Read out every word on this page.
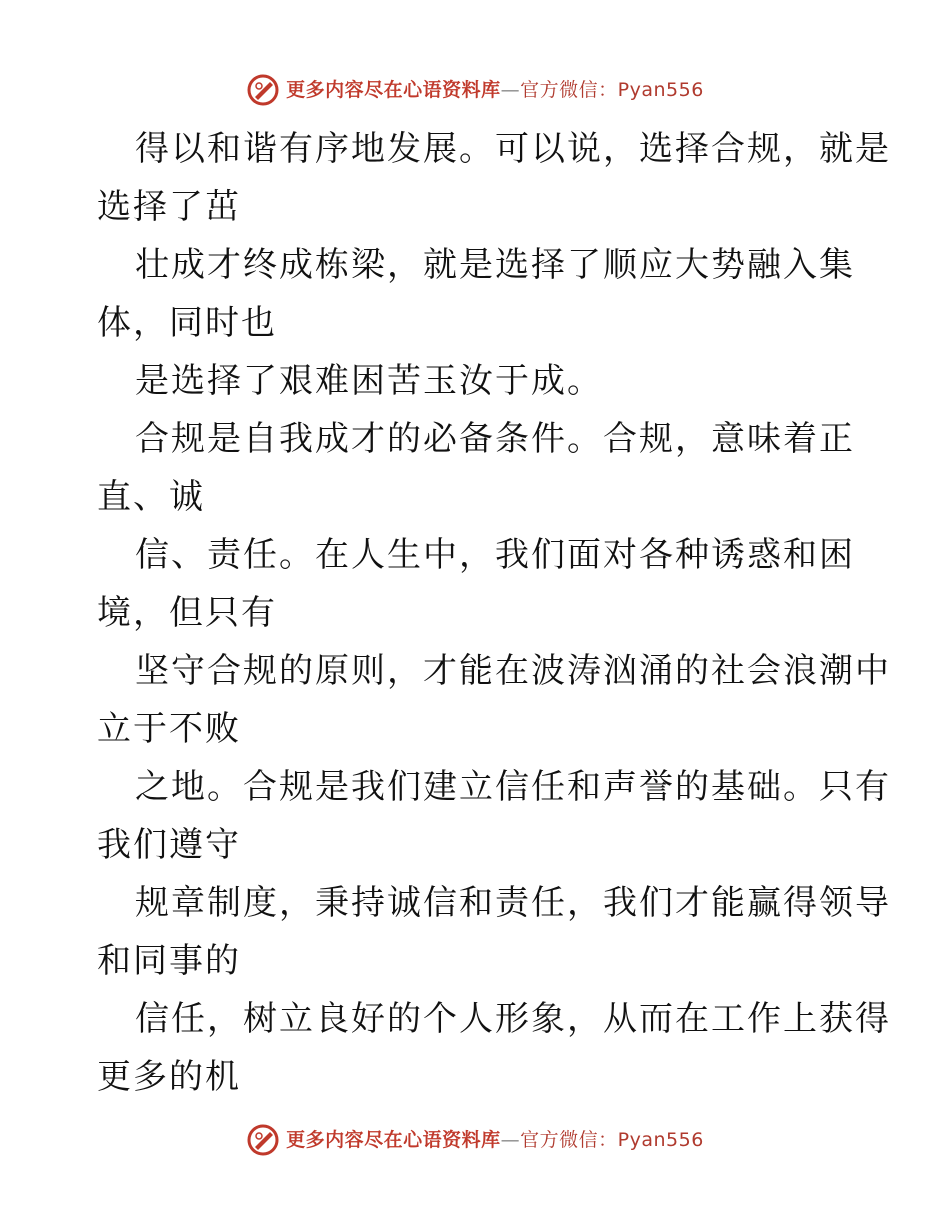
更多内容尽在心语资料库 — 官方微信：Pyan556
得以和谐有序地发展。可以说，选择合规，就是
选择了茁
壮成才终成栋梁，就是选择了顺应大势融入集
体，同时也
是选择了艰难困苦玉汝于成。
合规是自我成才的必备条件。合规，意味着正
直、诚
信、责任。在人生中，我们面对各种诱惑和困
境，但只有
坚守合规的原则，才能在波涛汹涌的社会浪潮中
立于不败
之地。合规是我们建立信任和声誉的基础。只有
我们遵守
规章制度，秉持诚信和责任，我们才能赢得领导
和同事的
信任，树立良好的个人形象，从而在工作上获得
更多的机
更多内容尽在心语资料库 — 官方微信：Pyan556
